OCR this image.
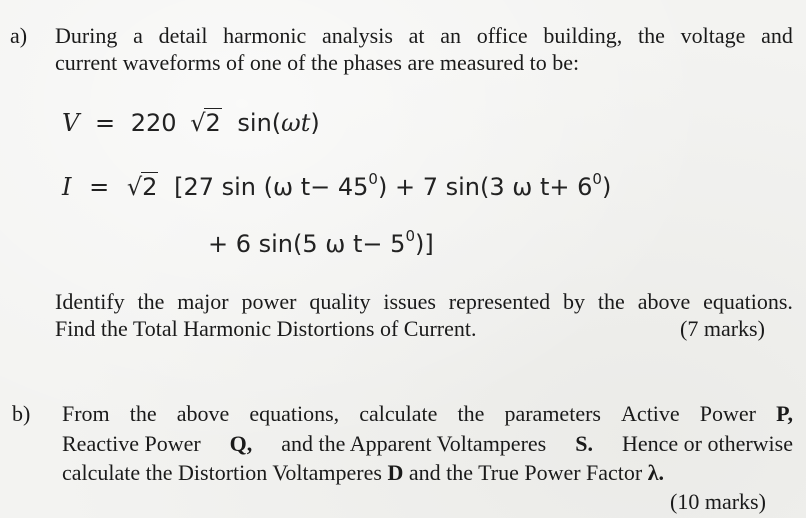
a) During a detail harmonic analysis at an office building, the voltage and
current waveforms of one of the phases are measured to be:
V = 220 √2 sin(ωt)
I = √2 [27 sin (ω $t- 45^0) + 7$ sin(3 ω $t+ 6^0$)
+ 6 sin(5 ω $t- 5^0$)]
Identify the major power quality issues represented by the above equations.
Find the Total Harmonic Distortions of Current.	(7 marks)
b) From the above equations, calculate the parameters Active Power P,
Reactive Power Q, and the Apparent Voltamperes S. Hence or otherwise
calculate the Distortion Voltamperes D and the True Power Factor λ.
(10 marks)
